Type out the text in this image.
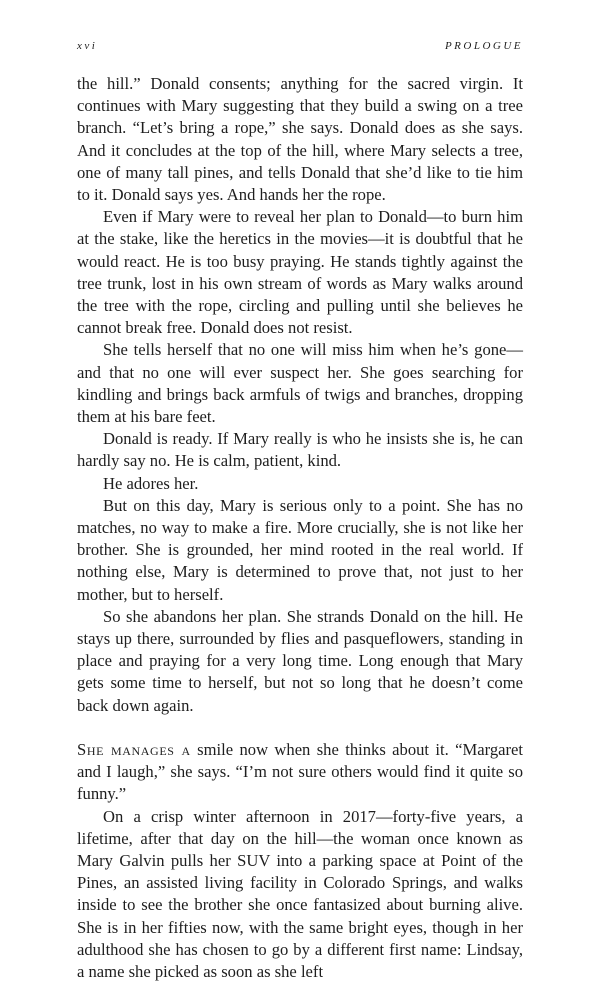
xvi	PROLOGUE

the hill.” Donald consents; anything for the sacred virgin. It continues with Mary suggesting that they build a swing on a tree branch. “Let’s bring a rope,” she says. Donald does as she says. And it concludes at the top of the hill, where Mary selects a tree, one of many tall pines, and tells Donald that she’d like to tie him to it. Donald says yes. And hands her the rope.

Even if Mary were to reveal her plan to Donald—to burn him at the stake, like the heretics in the movies—it is doubtful that he would react. He is too busy praying. He stands tightly against the tree trunk, lost in his own stream of words as Mary walks around the tree with the rope, circling and pulling until she believes he cannot break free. Donald does not resist.

She tells herself that no one will miss him when he’s gone—and that no one will ever suspect her. She goes searching for kindling and brings back armfuls of twigs and branches, dropping them at his bare feet.

Donald is ready. If Mary really is who he insists she is, he can hardly say no. He is calm, patient, kind.

He adores her.

But on this day, Mary is serious only to a point. She has no matches, no way to make a fire. More crucially, she is not like her brother. She is grounded, her mind rooted in the real world. If nothing else, Mary is determined to prove that, not just to her mother, but to herself.

So she abandons her plan. She strands Donald on the hill. He stays up there, surrounded by flies and pasqueflowers, standing in place and praying for a very long time. Long enough that Mary gets some time to herself, but not so long that he doesn’t come back down again.

She manages a smile now when she thinks about it. “Margaret and I laugh,” she says. “I’m not sure others would find it quite so funny.”

On a crisp winter afternoon in 2017—forty-five years, a lifetime, after that day on the hill—the woman once known as Mary Galvin pulls her SUV into a parking space at Point of the Pines, an assisted living facility in Colorado Springs, and walks inside to see the brother she once fantasized about burning alive. She is in her fifties now, with the same bright eyes, though in her adulthood she has chosen to go by a different first name: Lindsay, a name she picked as soon as she left
